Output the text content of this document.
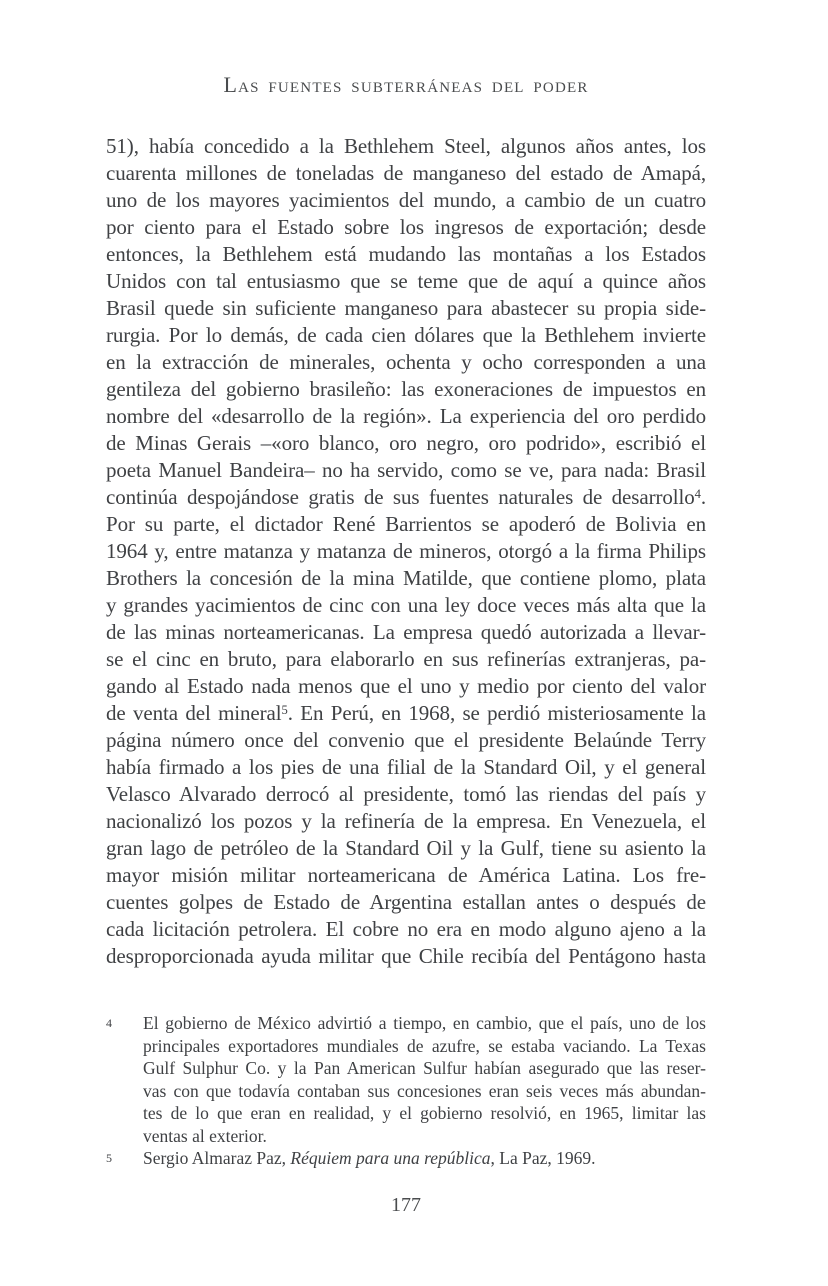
Las fuentes subterráneas del poder
51), había concedido a la Bethlehem Steel, algunos años antes, los
cuarenta millones de toneladas de manganeso del estado de Amapá,
uno de los mayores yacimientos del mundo, a cambio de un cuatro
por ciento para el Estado sobre los ingresos de exportación; desde
entonces, la Bethlehem está mudando las montañas a los Estados
Unidos con tal entusiasmo que se teme que de aquí a quince años
Brasil quede sin suficiente manganeso para abastecer su propia side-
rurgia. Por lo demás, de cada cien dólares que la Bethlehem invierte
en la extracción de minerales, ochenta y ocho corresponden a una
gentileza del gobierno brasileño: las exoneraciones de impuestos en
nombre del «desarrollo de la región». La experiencia del oro perdido
de Minas Gerais –«oro blanco, oro negro, oro podrido», escribió el
poeta Manuel Bandeira– no ha servido, como se ve, para nada: Brasil
continúa despojándose gratis de sus fuentes naturales de desarrollo$^4$.
Por su parte, el dictador René Barrientos se apoderó de Bolivia en
1964 y, entre matanza y matanza de mineros, otorgó a la firma Philips
Brothers la concesión de la mina Matilde, que contiene plomo, plata
y grandes yacimientos de cinc con una ley doce veces más alta que la
de las minas norteamericanas. La empresa quedó autorizada a llevar-
se el cinc en bruto, para elaborarlo en sus refinerías extranjeras, pa-
gando al Estado nada menos que el uno y medio por ciento del valor
de venta del mineral$^5$. En Perú, en 1968, se perdió misteriosamente la
página número once del convenio que el presidente Belaúnde Terry
había firmado a los pies de una filial de la Standard Oil, y el general
Velasco Alvarado derrocó al presidente, tomó las riendas del país y
nacionalizó los pozos y la refinería de la empresa. En Venezuela, el
gran lago de petróleo de la Standard Oil y la Gulf, tiene su asiento la
mayor misión militar norteamericana de América Latina. Los fre-
cuentes golpes de Estado de Argentina estallan antes o después de
cada licitación petrolera. El cobre no era en modo alguno ajeno a la
desproporcionada ayuda militar que Chile recibía del Pentágono hasta
4	El gobierno de México advirtió a tiempo, en cambio, que el país, uno de los
principales exportadores mundiales de azufre, se estaba vaciando. La Texas
Gulf Sulphur Co. y la Pan American Sulfur habían asegurado que las reser-
vas con que todavía contaban sus concesiones eran seis veces más abundan-
tes de lo que eran en realidad, y el gobierno resolvió, en 1965, limitar las
ventas al exterior.
5	Sergio Almaraz Paz, Réquiem para una república, La Paz, 1969.
177
